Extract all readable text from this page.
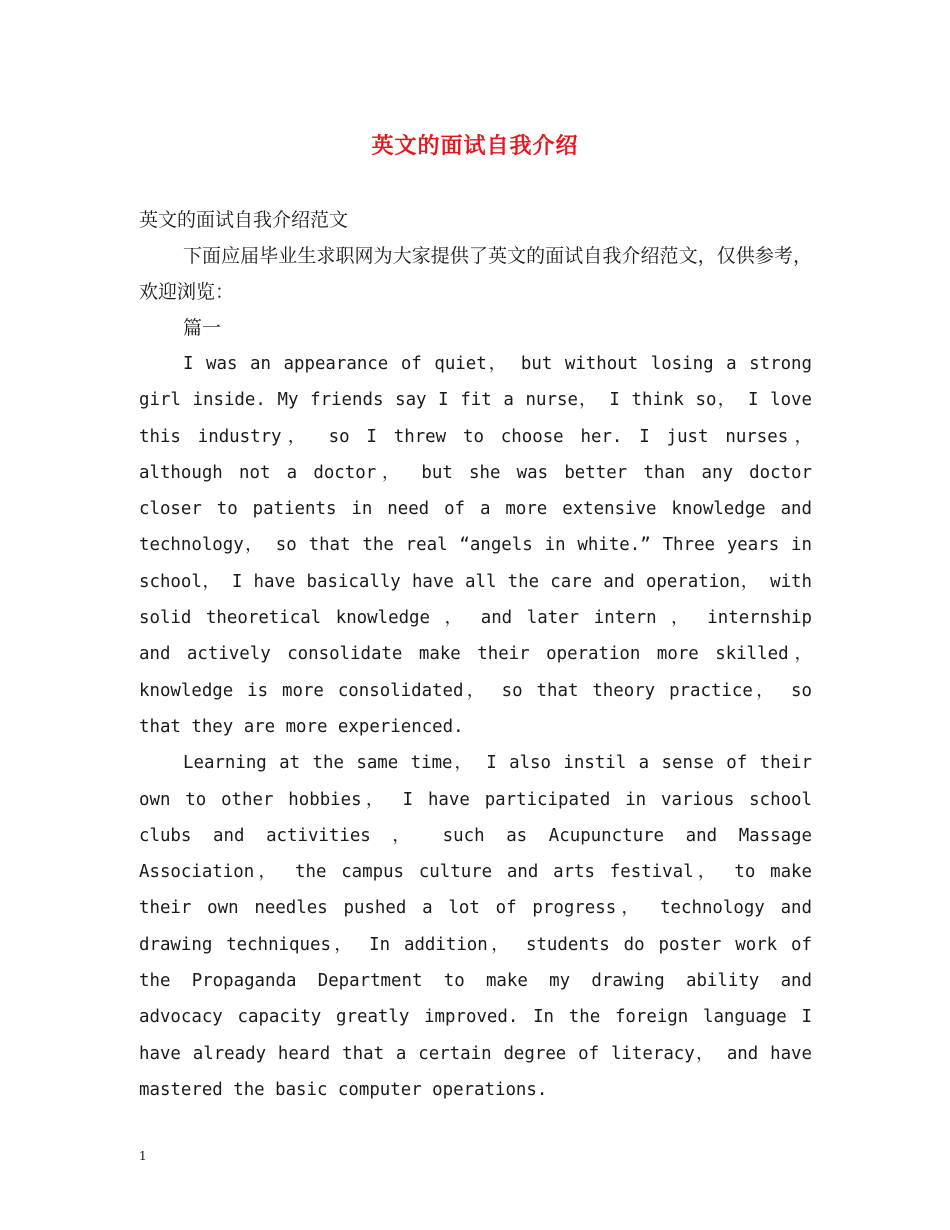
英文的面试自我介绍

英文的面试自我介绍范文

下面应届毕业生求职网为大家提供了英文的面试自我介绍范文，仅供参考，欢迎浏览：

篇一

I was an appearance of quiet， but without losing a strong girl inside. My friends say I fit a nurse， I think so， I love this industry， so I threw to choose her. I just nurses， although not a doctor， but she was better than any doctor closer to patients in need of a more extensive knowledge and technology， so that the real “angels in white.” Three years in school， I have basically have all the care and operation， with solid theoretical knowledge ， and later intern ， internship and actively consolidate make their operation more skilled， knowledge is more consolidated， so that theory practice， so that they are more experienced.

Learning at the same time， I also instil a sense of their own to other hobbies， I have participated in various school clubs and activities ， such as Acupuncture and Massage Association， the campus culture and arts festival， to make their own needles pushed a lot of progress， technology and drawing techniques， In addition， students do poster work of the Propaganda Department to make my drawing ability and advocacy capacity greatly improved. In the foreign language I have already heard that a certain degree of literacy， and have mastered the basic computer operations.

1
